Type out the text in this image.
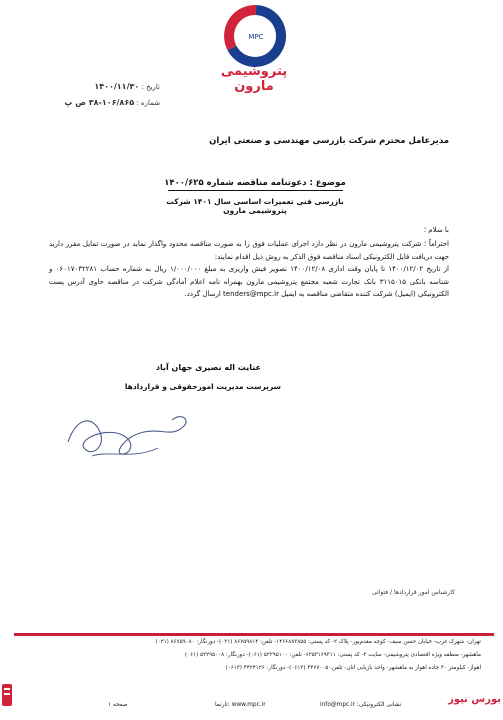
MPC
پتروشیمی مارون
تاریخ : ۱۴۰۰/۱۱/۳۰
شماره : ۱۰۶/۸۶۵-۳۸ ص پ
مدیرعامل محترم شرکت بازرسی مهندسی و صنعتی ایران
موضوع : دعوتنامه مناقصه شماره ۱۴۰۰/۶۲۵
بازرسی فنی تعمیرات اساسی سال ۱۴۰۱ شرکت پتروشیمی مارون
با سلام ؛
احتراماً ؛ شرکت پتروشیمی مارون در نظر دارد اجرای عملیات فوق را به صورت مناقصه محدود واگذار نماید در صورت تمایل مقرر دارید جهت دریافت فایل الکترونیکی اسناد مناقصه فوق الذکر به روش ذیل اقدام نمایند:
از تاریخ ۱۴۰۰/۱۲/۰۲ تا پایان وقت اداری ۱۴۰۰/۱۲/۰۸ تصویر فیش واریزی به مبلغ ۱/۰۰۰/۰۰۰ ریال به شماره حساب ۰۶۰۱۷۰۳۲۲۸۱ و شناسه بانکی ۳۱۱۵۰۱۵ بانک تجارت شعبه مجتمع پتروشیمی مارون بهمراه نامه اعلام آمادگی شرکت در مناقصه حاوی آدرس پست الکترونیکی (ایمیل) شرکت کننده متقاضی مناقصه به ایمیل tenders@mpc.ir ارسال گردد.
عنایت اله نصیری جهان آباد
سرپرست مدیریت امورحقوقی و قراردادها
کارشناس امور قراردادها / فتوائی
تهران- شهرک غرب- خیابان حسن سیف- کوچه مقدم‌پور- پلاک ۲- کد پستی: ۱۴۶۶۸۸۳۸۵۵- تلفن: ۸۶۷۵۹۸۱۴ (۰۲۱)- دورنگار: ۸۶۷۵۹۰۸۰ (۰۲۱)
ماهشهر- منطقه ویژه اقتصادی پتروشیمی- سایت ۲- کد پستی: ۶۳۵۳۱۶۹۳۱۱- تلفن: ۵۲۲۹۵۱۰۰ (۰۶۱)- دورنگار: ۵۲۲۹۵۰۰۸ (۰۶۱)
اهواز- کیلومتر ۳۰ جاده اهواز به ماهشهر- واحد بازیابی اتان- تلفن: ۴۴۷۷۰۰۵ (۰۶۱۳)- دورنگار: ۴۴۲۴۱۲۶ (۰۶۱۳)
صفحه ۱	www.mpc.ir :تارنما	نشانی الکترونیکی: info@mpc.ir	بورس نیوز
